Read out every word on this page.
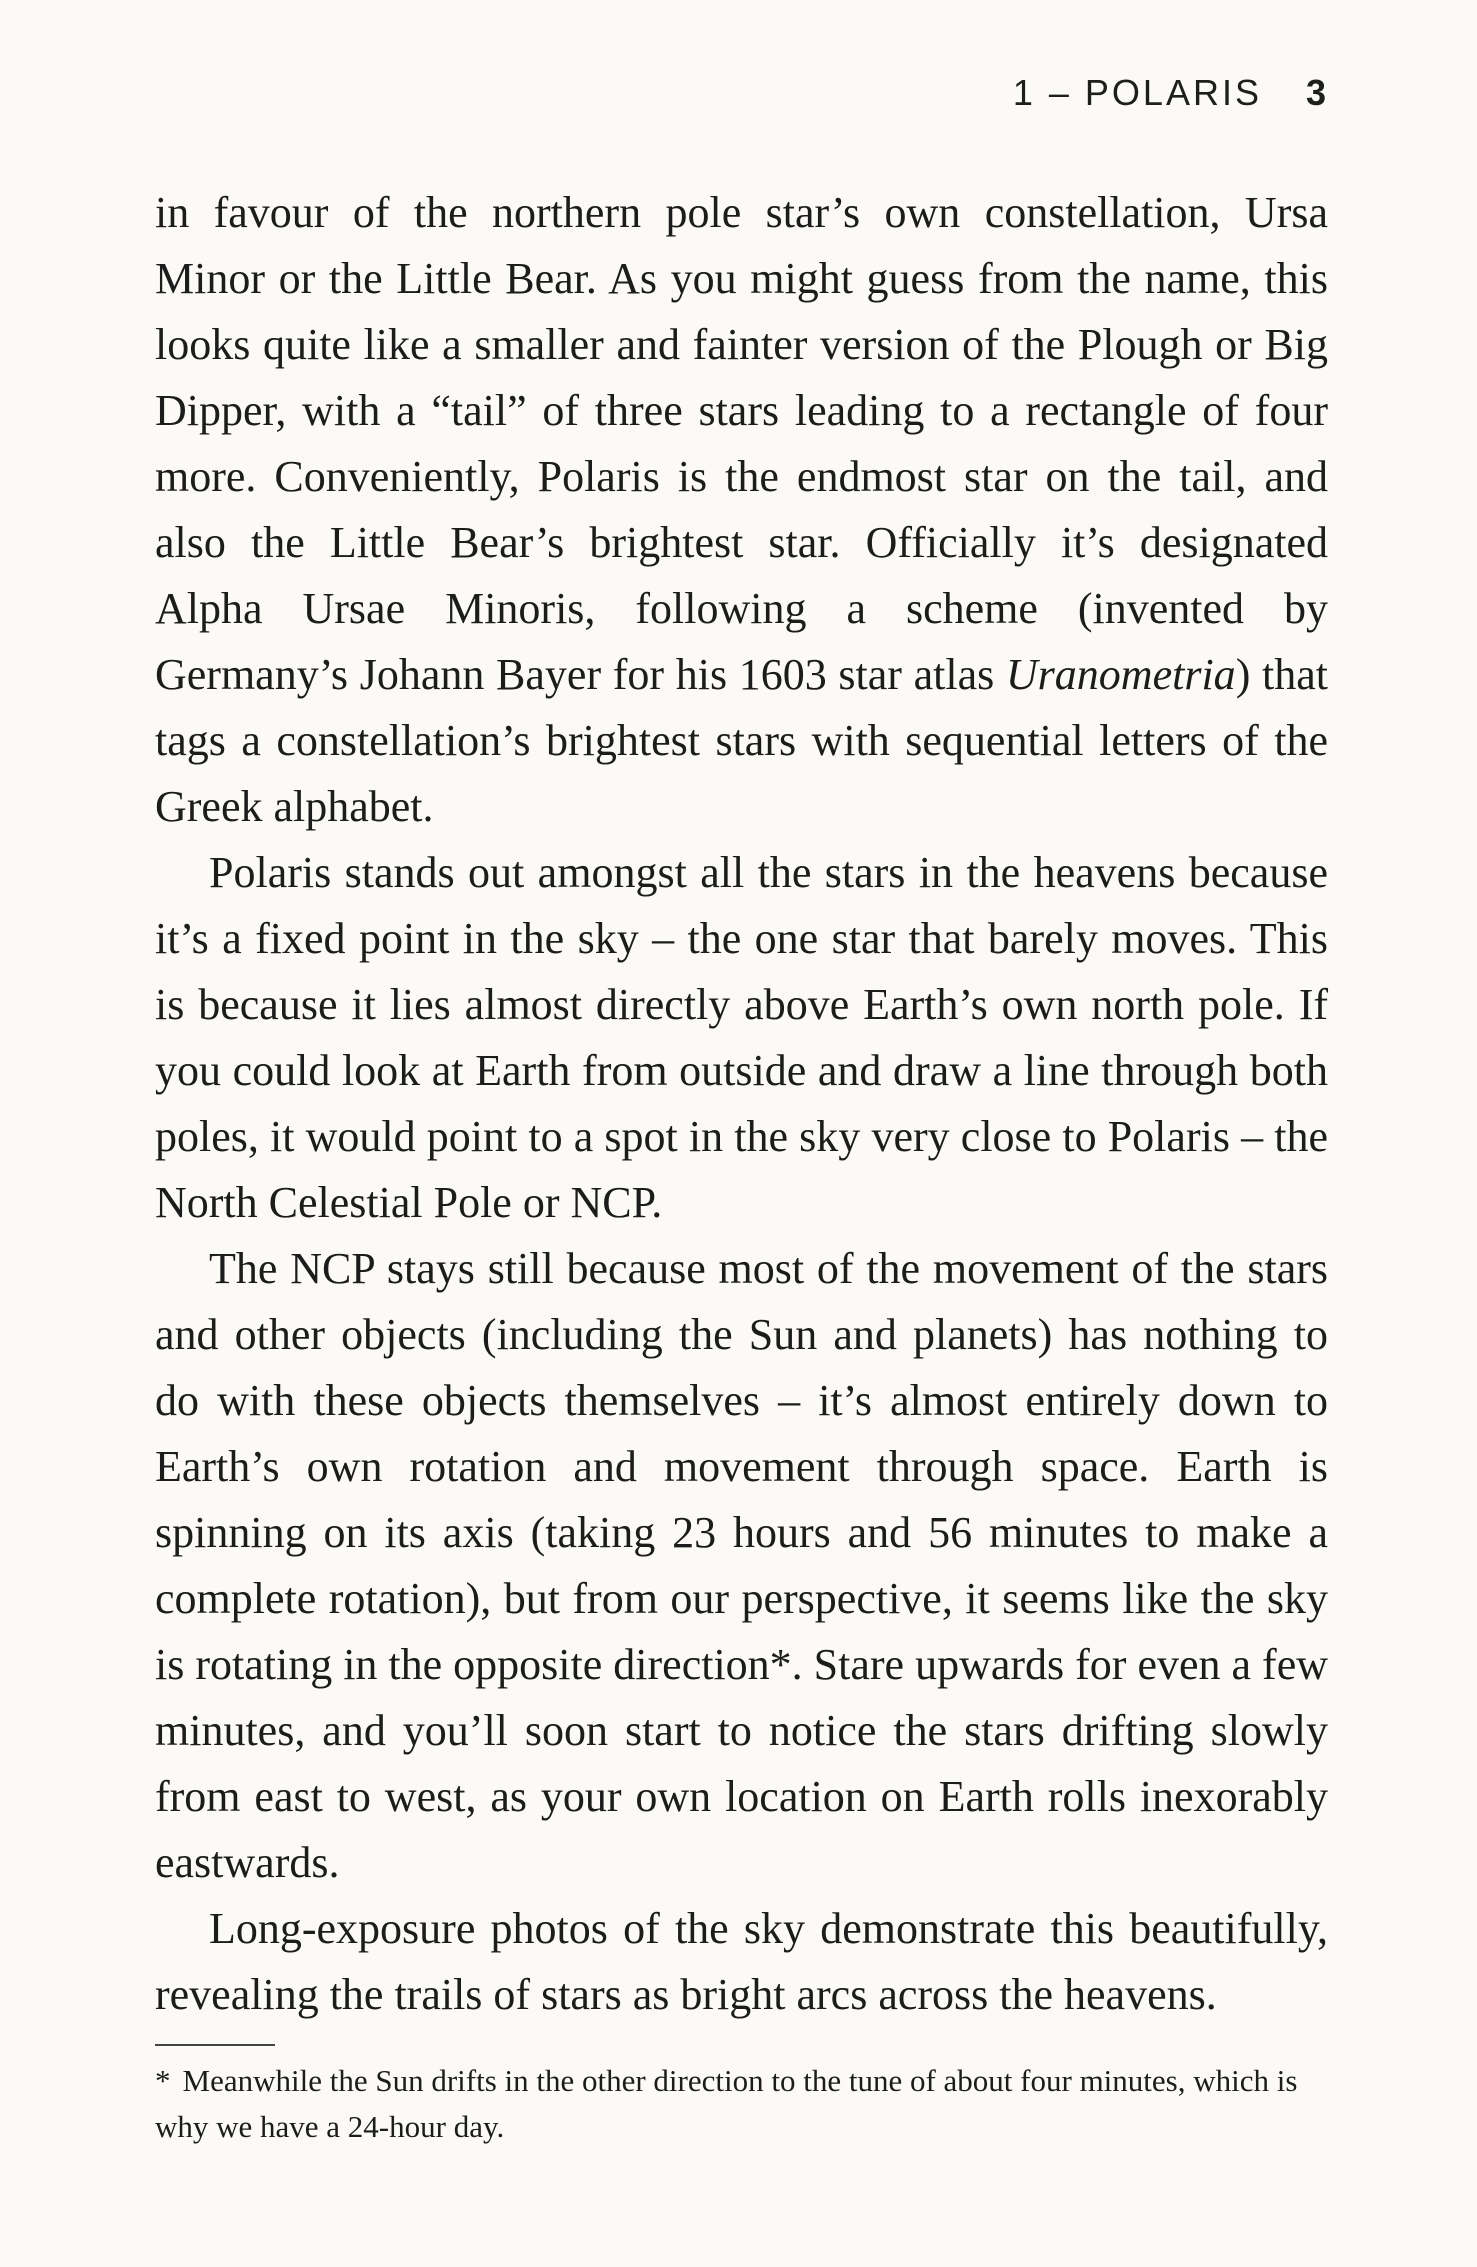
1 – POLARIS 3

in favour of the northern pole star’s own constellation, Ursa Minor or the Little Bear. As you might guess from the name, this looks quite like a smaller and fainter version of the Plough or Big Dipper, with a “tail” of three stars leading to a rectangle of four more. Conveniently, Polaris is the endmost star on the tail, and also the Little Bear’s brightest star. Officially it’s designated Alpha Ursae Minoris, following a scheme (invented by Germany’s Johann Bayer for his 1603 star atlas Uranometria) that tags a constellation’s brightest stars with sequential letters of the Greek alphabet.

Polaris stands out amongst all the stars in the heavens because it’s a fixed point in the sky – the one star that barely moves. This is because it lies almost directly above Earth’s own north pole. If you could look at Earth from outside and draw a line through both poles, it would point to a spot in the sky very close to Polaris – the North Celestial Pole or NCP.

The NCP stays still because most of the movement of the stars and other objects (including the Sun and planets) has nothing to do with these objects themselves – it’s almost entirely down to Earth’s own rotation and movement through space. Earth is spinning on its axis (taking 23 hours and 56 minutes to make a complete rotation), but from our perspective, it seems like the sky is rotating in the opposite direction*. Stare upwards for even a few minutes, and you’ll soon start to notice the stars drifting slowly from east to west, as your own location on Earth rolls inexorably eastwards.

Long-exposure photos of the sky demonstrate this beautifully, revealing the trails of stars as bright arcs across the heavens.

* Meanwhile the Sun drifts in the other direction to the tune of about four minutes, which is why we have a 24-hour day.
